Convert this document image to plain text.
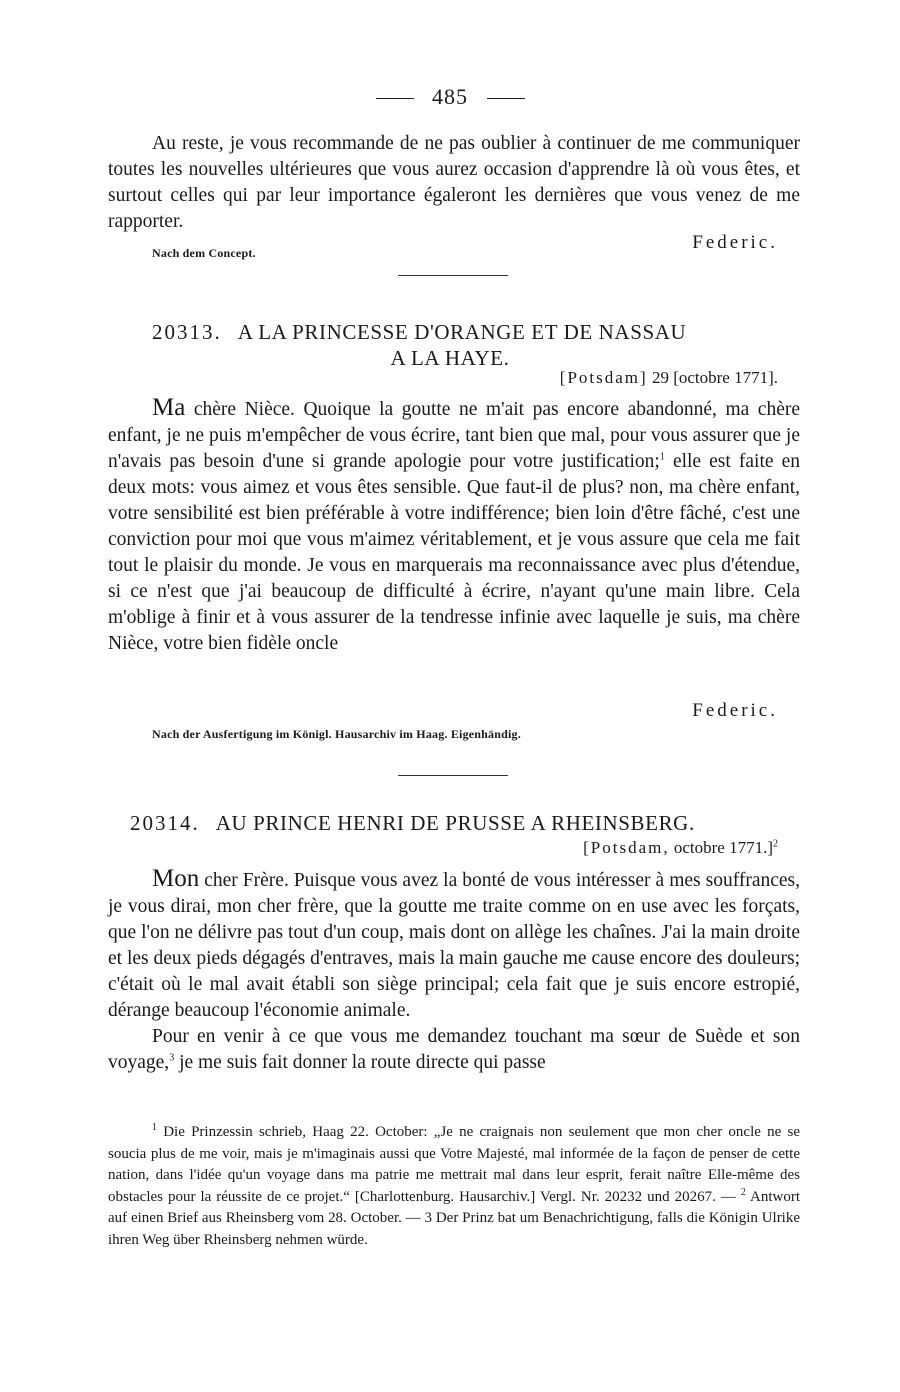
485

Au reste, je vous recommande de ne pas oublier à continuer de me communiquer toutes les nouvelles ultérieures que vous aurez occasion d'apprendre là où vous êtes, et surtout celles qui par leur importance égaleront les dernières que vous venez de me rapporter.

Nach dem Concept.	Federic.
20313. A LA PRINCESSE D'ORANGE ET DE NASSAU
A LA HAYE.
[Potsdam] 29 [octobre 1771].

Ma chère Nièce. Quoique la goutte ne m'ait pas encore abandonné, ma chère enfant, je ne puis m'empêcher de vous écrire, tant bien que mal, pour vous assurer que je n'avais pas besoin d'une si grande apologie pour votre justification;$^1$ elle est faite en deux mots: vous aimez et vous êtes sensible. Que faut-il de plus? non, ma chère enfant, votre sensibilité est bien préférable à votre indifférence; bien loin d'être fâché, c'est une conviction pour moi que vous m'aimez véritablement, et je vous assure que cela me fait tout le plaisir du monde. Je vous en marquerais ma reconnaissance avec plus d'étendue, si ce n'est que j'ai beaucoup de difficulté à écrire, n'ayant qu'une main libre. Cela m'oblige à finir et à vous assurer de la tendresse infinie avec laquelle je suis, ma chère Nièce, votre bien fidèle oncle

Federic.
Nach der Ausfertigung im Königl. Hausarchiv im Haag. Eigenhändig.
20314. AU PRINCE HENRI DE PRUSSE A RHEINSBERG.
[Potsdam, octobre 1771.]$^2$

Mon cher Frère. Puisque vous avez la bonté de vous intéresser à mes souffrances, je vous dirai, mon cher frère, que la goutte me traite comme on en use avec les forçats, que l'on ne délivre pas tout d'un coup, mais dont on allège les chaînes. J'ai la main droite et les deux pieds dégagés d'entraves, mais la main gauche me cause encore des douleurs; c'était où le mal avait établi son siège principal; cela fait que je suis encore estropié, dérange beaucoup l'économie animale.

Pour en venir à ce que vous me demandez touchant ma sœur de Suède et son voyage,$^3$ je me suis fait donner la route directe qui passe

$^1$ Die Prinzessin schrieb, Haag 22. October: „Je ne craignais non seulement que mon cher oncle ne se soucia plus de me voir, mais je m'imaginais aussi que Votre Majesté, mal informée de la façon de penser de cette nation, dans l'idée qu'un voyage dans ma patrie me mettrait mal dans leur esprit, ferait naître Elle-même des obstacles pour la réussite de ce projet.“ [Charlottenburg. Hausarchiv.] Vergl. Nr. 20232 und 20267. — $^2$ Antwort auf einen Brief aus Rheinsberg vom 28. October. — 3 Der Prinz bat um Benachrichtigung, falls die Königin Ulrike ihren Weg über Rheinsberg nehmen würde.
